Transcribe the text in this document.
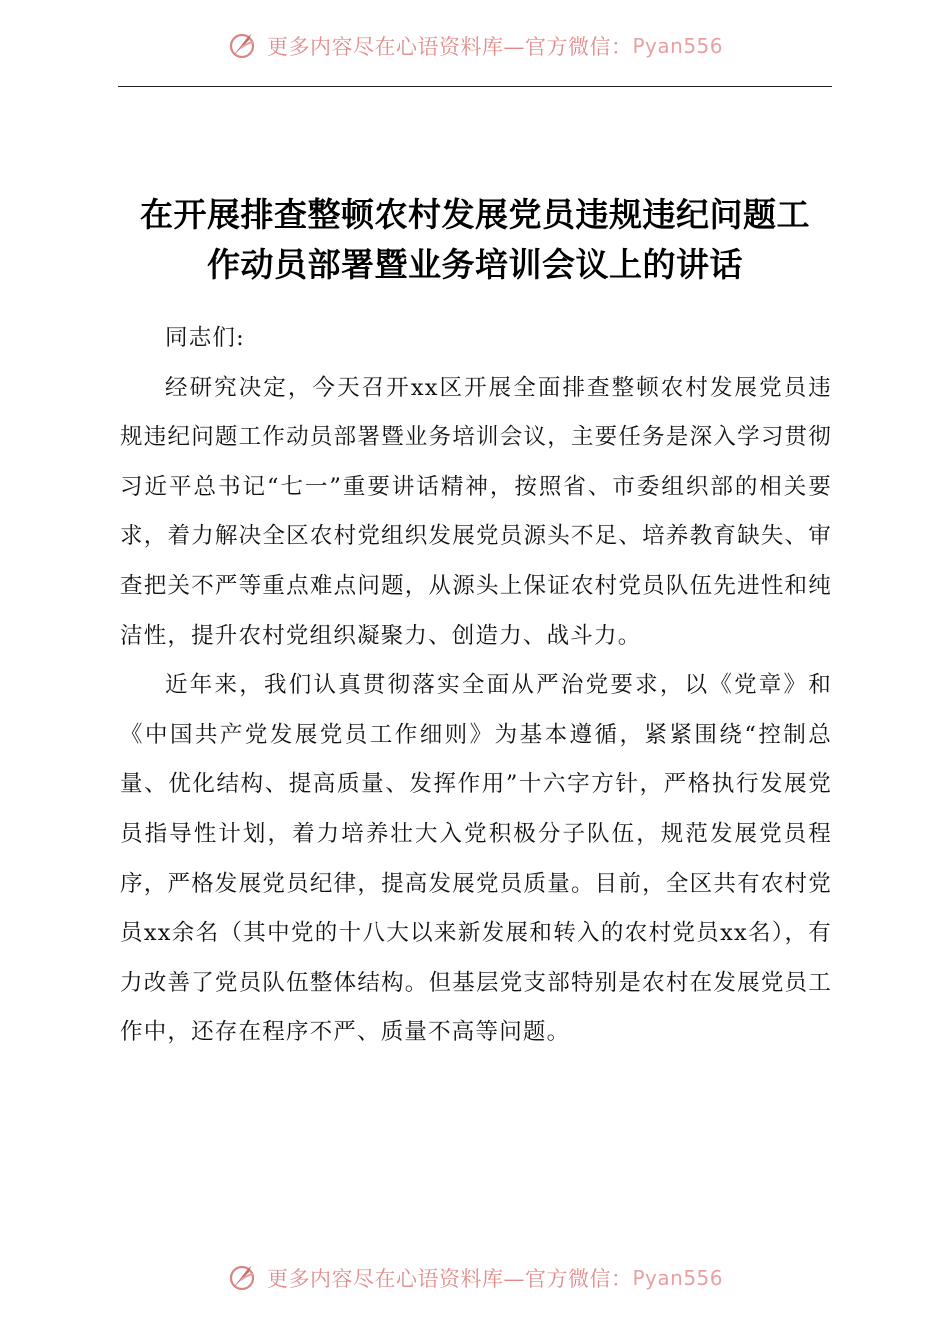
更多内容尽在心语资料库—官方微信： Pyan556
在开展排查整顿农村发展党员违规违纪问题工
作动员部署暨业务培训会议上的讲话

同志们:

经研究决定，今天召开xx区开展全面排查整顿农村发展党员违规违纪问题工作动员部署暨业务培训会议，主要任务是深入学习贯彻习近平总书记“七一”重要讲话精神，按照省、市委组织部的相关要求，着力解决全区农村党组织发展党员源头不足、培养教育缺失、审查把关不严等重点难点问题，从源头上保证农村党员队伍先进性和纯洁性，提升农村党组织凝聚力、创造力、战斗力。

近年来，我们认真贯彻落实全面从严治党要求，以《党章》和《中国共产党发展党员工作细则》为基本遵循，紧紧围绕“控制总量、优化结构、提高质量、发挥作用”十六字方针，严格执行发展党员指导性计划，着力培养壮大入党积极分子队伍，规范发展党员程序，严格发展党员纪律，提高发展党员质量。目前，全区共有农村党员xx余名（其中党的十八大以来新发展和转入的农村党员xx名），有力改善了党员队伍整体结构。但基层党支部特别是农村在发展党员工作中，还存在程序不严、质量不高等问题。

更多内容尽在心语资料库—官方微信： Pyan556
